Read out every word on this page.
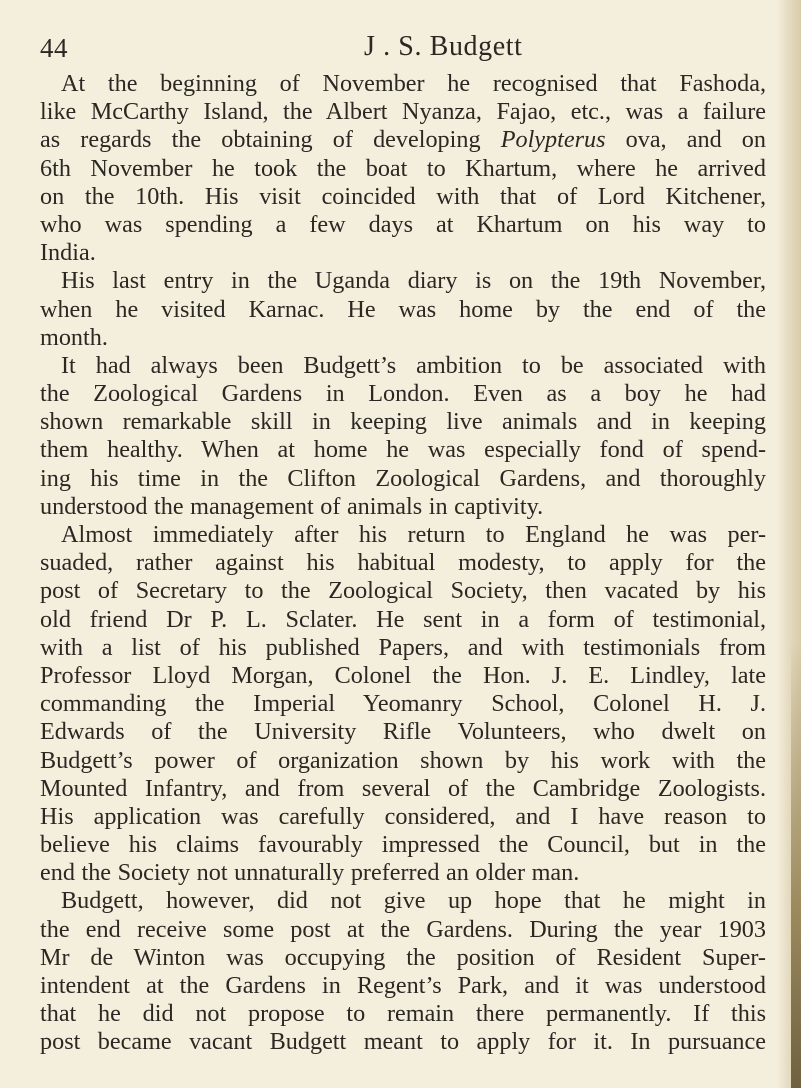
44	J . S. Budgett
At the beginning of November he recognised that Fashoda,
like McCarthy Island, the Albert Nyanza, Fajao, etc., was a failure
as regards the obtaining of developing Polypterus ova, and on
6th November he took the boat to Khartum, where he arrived
on the 10th. His visit coincided with that of Lord Kitchener,
who was spending a few days at Khartum on his way to
India.
His last entry in the Uganda diary is on the 19th November,
when he visited Karnac. He was home by the end of the
month.
It had always been Budgett’s ambition to be associated with
the Zoological Gardens in London. Even as a boy he had
shown remarkable skill in keeping live animals and in keeping
them healthy. When at home he was especially fond of spend-
ing his time in the Clifton Zoological Gardens, and thoroughly
understood the management of animals in captivity.
Almost immediately after his return to England he was per-
suaded, rather against his habitual modesty, to apply for the
post of Secretary to the Zoological Society, then vacated by his
old friend Dr P. L. Sclater. He sent in a form of testimonial,
with a list of his published Papers, and with testimonials from
Professor Lloyd Morgan, Colonel the Hon. J. E. Lindley, late
commanding the Imperial Yeomanry School, Colonel H. J.
Edwards of the University Rifle Volunteers, who dwelt on
Budgett’s power of organization shown by his work with the
Mounted Infantry, and from several of the Cambridge Zoologists.
His application was carefully considered, and I have reason to
believe his claims favourably impressed the Council, but in the
end the Society not unnaturally preferred an older man.
Budgett, however, did not give up hope that he might in
the end receive some post at the Gardens. During the year 1903
Mr de Winton was occupying the position of Resident Super-
intendent at the Gardens in Regent’s Park, and it was understood
that he did not propose to remain there permanently. If this
post became vacant Budgett meant to apply for it. In pursuance
